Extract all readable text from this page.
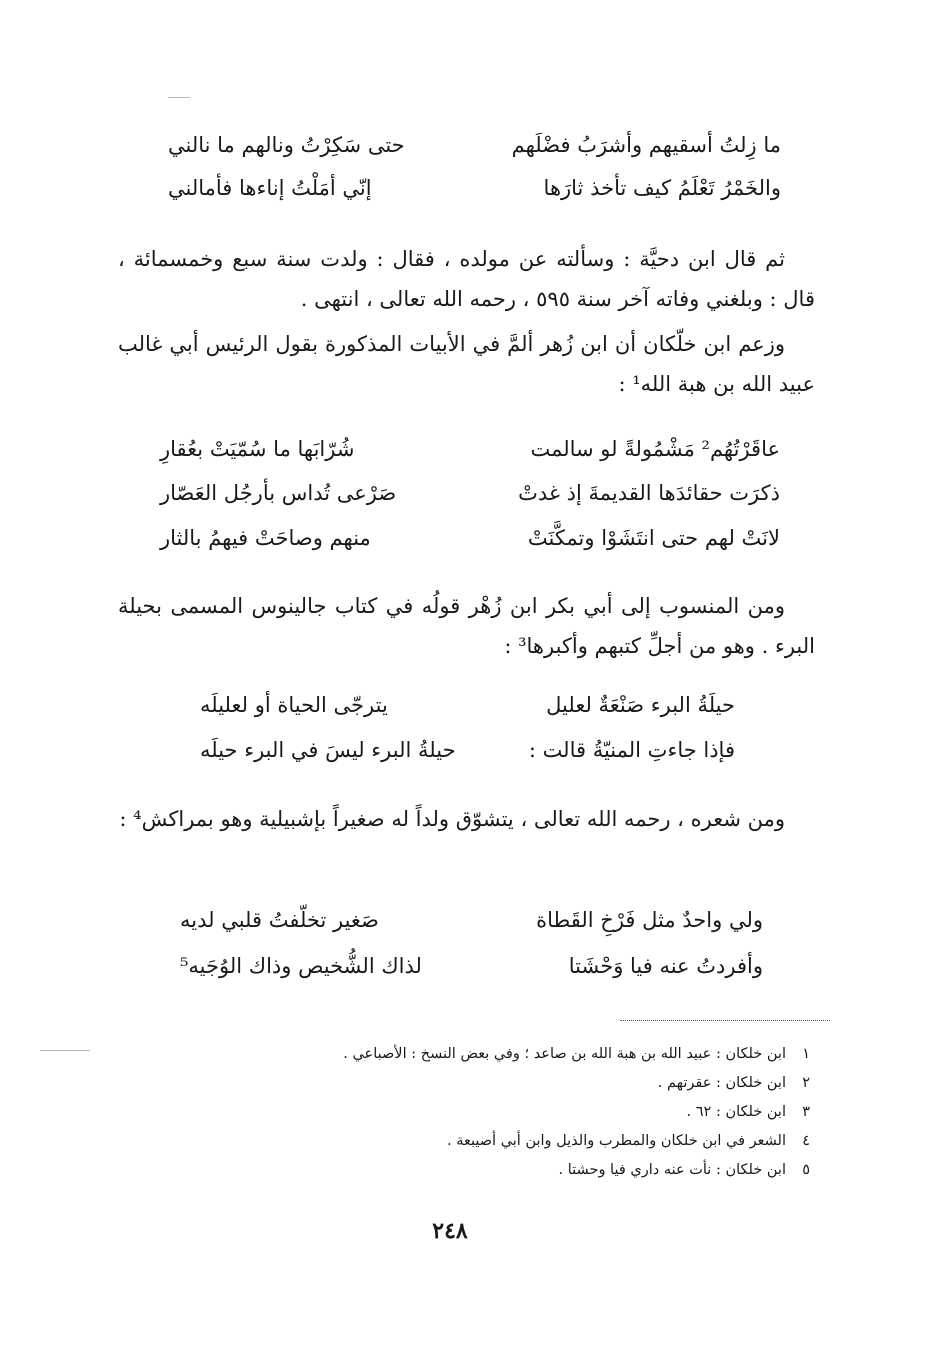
ما زِلتُ أسقيهم وأشرَبُ فضْلَهم
حتى سَكِرْتُ ونالهم ما نالني
والخَمْرُ تَعْلَمُ كيف تأخذ ثارَها
إنّي أمَلْتُ إناءها فأمالني

ثم قال ابن دحيَّة : وسألته عن مولده ، فقال : ولدت سنة سبع وخمسمائة ، قال : وبلغني وفاته آخر سنة ٥٩٥ ، رحمه الله تعالى ، انتهى .

وزعم ابن خلّكان أن ابن زُهر ألمَّ في الأبيات المذكورة بقول الرئيس أبي غالب عبيد الله بن هبة الله¹ :

عاقَرْتُهُم² مَشْمُولةً لو سالمت
شُرّابَها ما سُمّيَتْ بعُقارِ
ذكرَت حقائدَها القديمةَ إذ غدتْ
صَرْعى تُداس بأرجُل العَصّار
لانَتْ لهم حتى انتَشَوْا وتمكَّنَتْ
منهم وصاحَتْ فيهمُ بالثار

ومن المنسوب إلى أبي بكر ابن زُهْر قولُه في كتاب جالينوس المسمى بحيلة البرء . وهو من أجلِّ كتبهم وأكبرها³ :

حيلَةُ البرء صَنْعَةٌ لعليل
يترجّى الحياة أو لعليلَه
فإذا جاءتِ المنيّةُ قالت :
حيلةُ البرء ليسَ في البرء حيلَه

ومن شعره ، رحمه الله تعالى ، يتشوّق ولداً له صغيراً بإشبيلية وهو بمراكش⁴ :

ولي واحدٌ مثل فَرْخِ القَطاة
صَغير تخلّفتُ قلبي لديه
وأفردتُ عنه فيا وَحْشَتا
لذاك الشُّخيص وذاك الوُجَيه⁵
١
ابن خلكان : عبيد الله بن هبة الله بن صاعد ؛ وفي بعض النسخ : الأصباعي .
٢
ابن خلكان : عقرتهم .
٣
ابن خلكان : ٦٢ .
٤
الشعر في ابن خلكان والمطرب والذيل وابن أبي أصيبعة .
٥
ابن خلكان : نأت عنه داري فيا وحشتا .
٢٤٨
